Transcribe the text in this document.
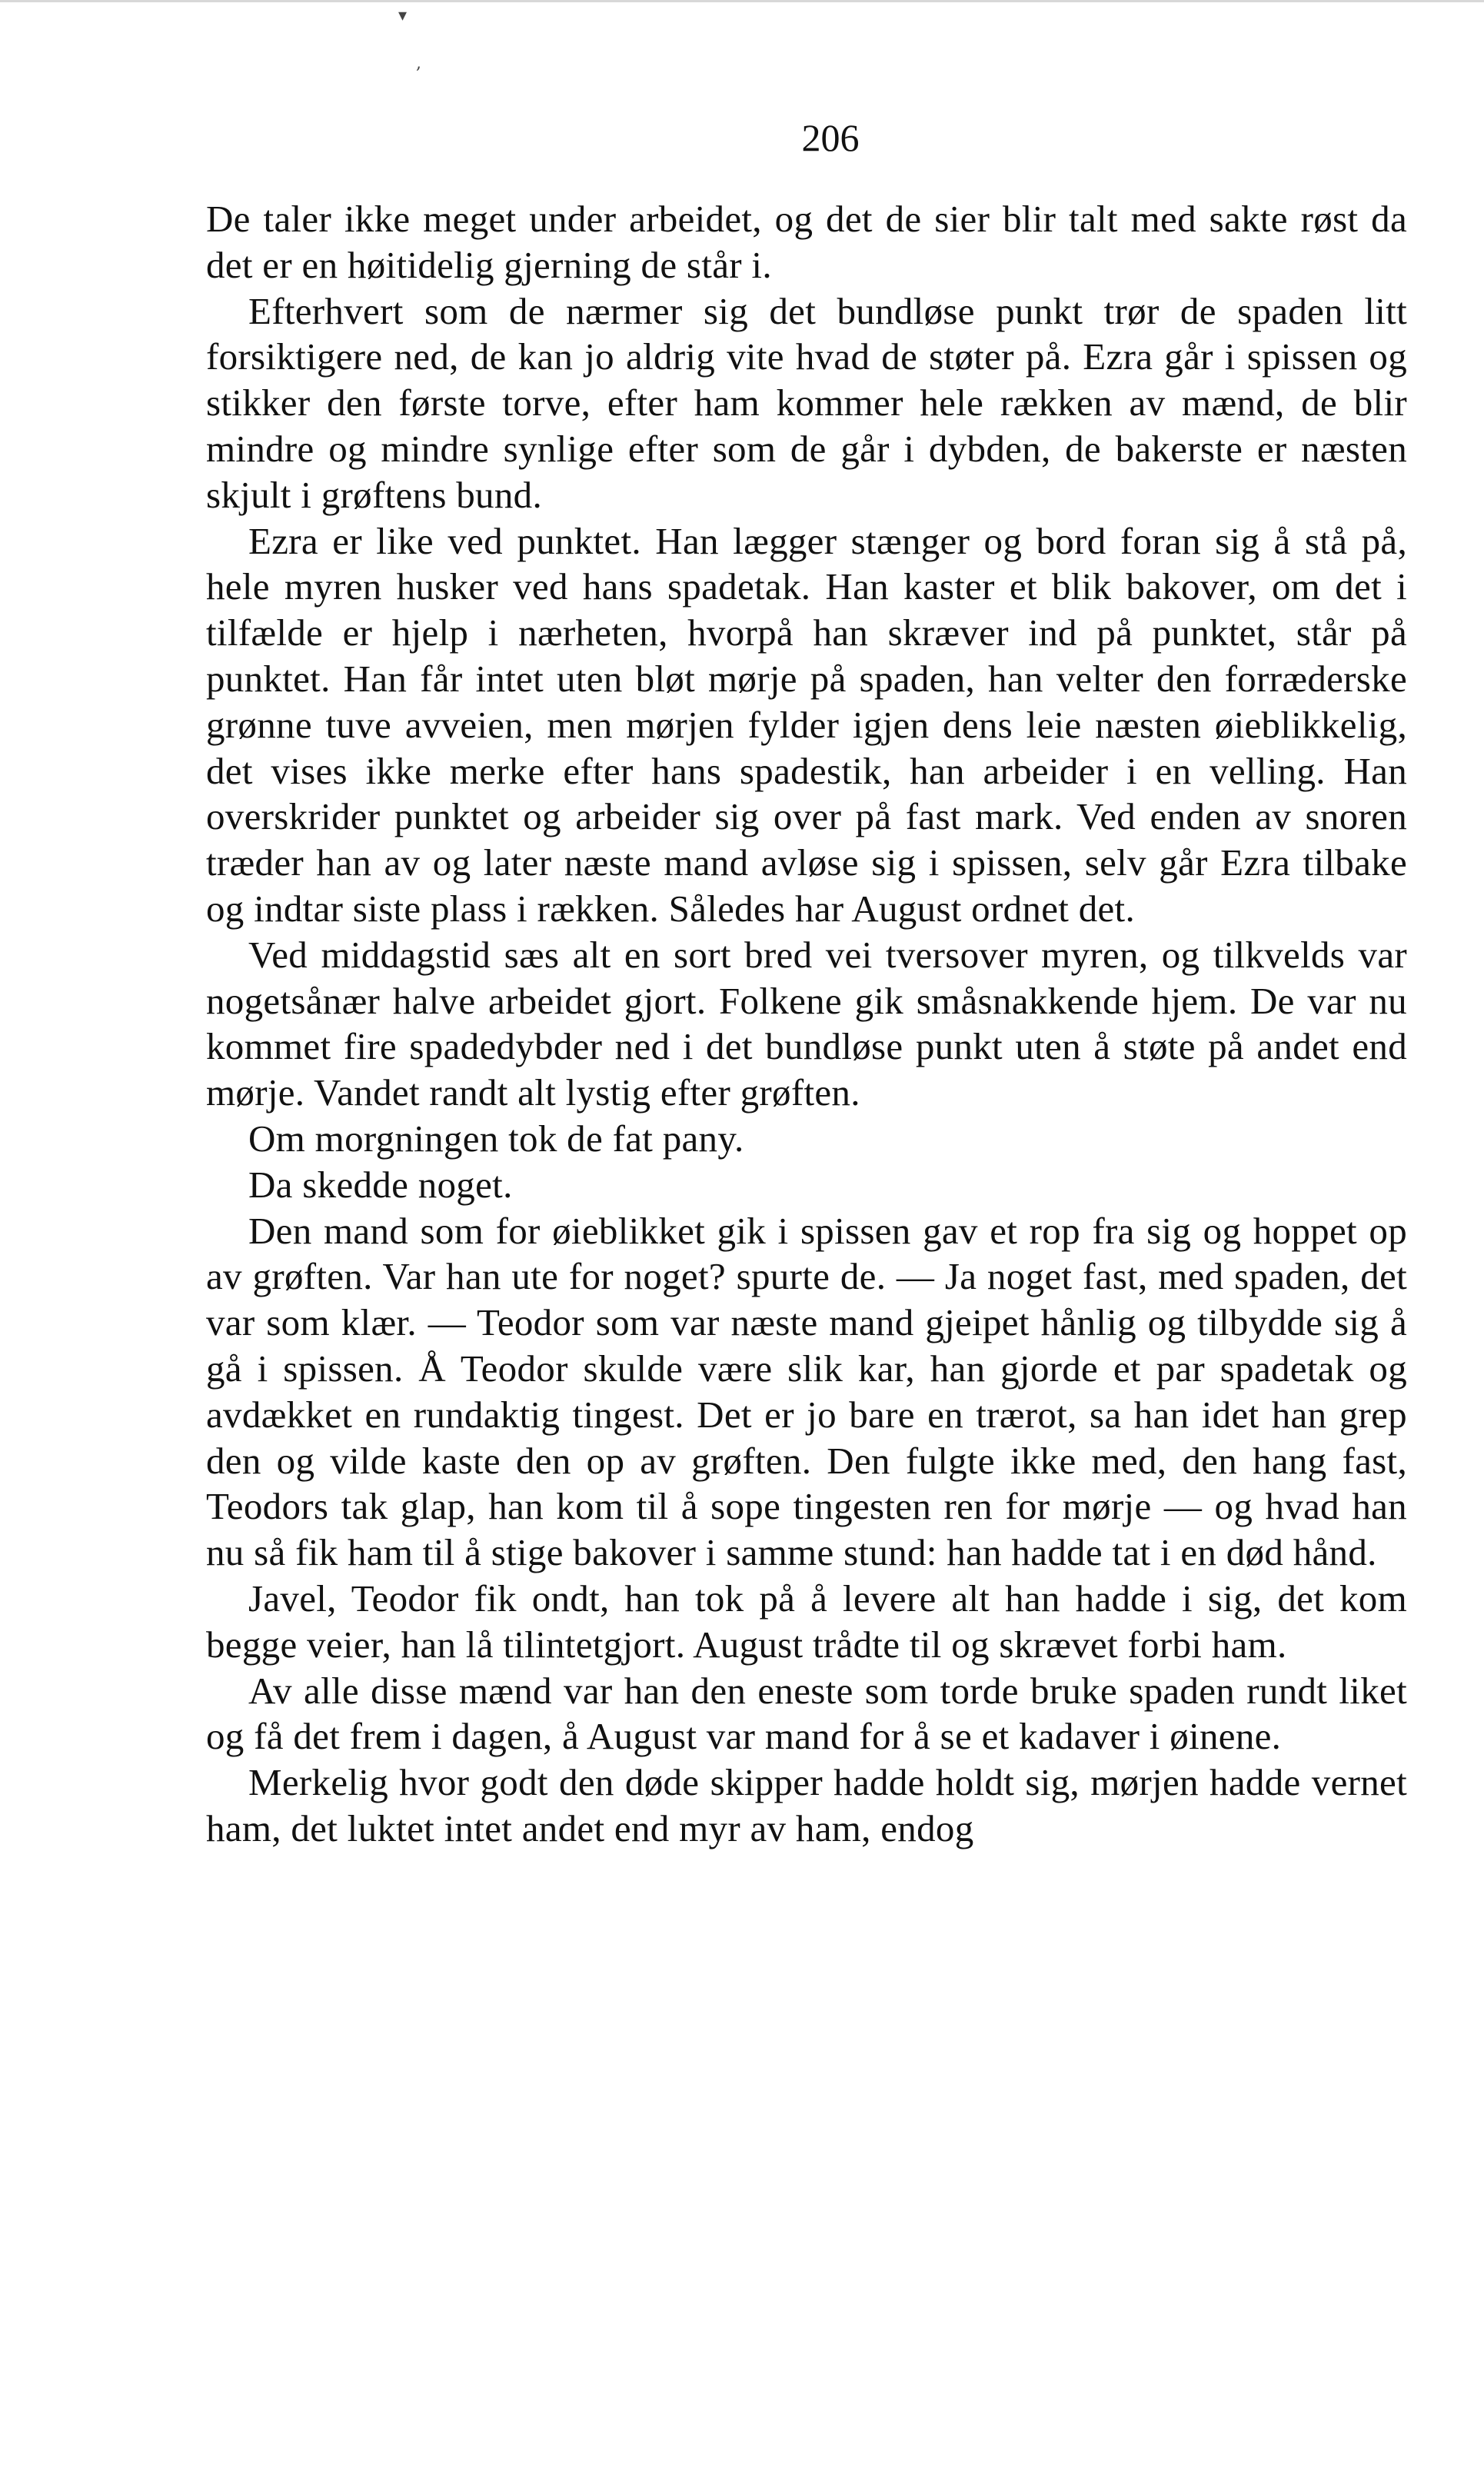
▾
,
206

De taler ikke meget under arbeidet, og det de sier blir talt med sakte røst da det er en høitidelig gjerning de står i.

Efterhvert som de nærmer sig det bundløse punkt trør de spaden litt forsiktigere ned, de kan jo aldrig vite hvad de støter på. Ezra går i spissen og stikker den første torve, efter ham kommer hele rækken av mænd, de blir mindre og mindre synlige efter som de går i dybden, de bakerste er næsten skjult i grøftens bund.

Ezra er like ved punktet. Han lægger stænger og bord foran sig å stå på, hele myren husker ved hans spadetak. Han kaster et blik bakover, om det i tilfælde er hjelp i nærheten, hvorpå han skræver ind på punktet, står på punktet. Han får intet uten bløt mørje på spaden, han velter den forræderske grønne tuve avveien, men mørjen fylder igjen dens leie næsten øieblikkelig, det vises ikke merke efter hans spadestik, han arbeider i en velling. Han overskrider punktet og arbeider sig over på fast mark. Ved enden av snoren træder han av og later næste mand avløse sig i spissen, selv går Ezra tilbake og indtar siste plass i rækken. Således har August ordnet det.

Ved middagstid sæs alt en sort bred vei tversover myren, og tilkvelds var nogetsånær halve arbeidet gjort. Folkene gik småsnakkende hjem. De var nu kommet fire spadedybder ned i det bundløse punkt uten å støte på andet end mørje. Vandet randt alt lystig efter grøften.

Om morgningen tok de fat pany.

Da skedde noget.

Den mand som for øieblikket gik i spissen gav et rop fra sig og hoppet op av grøften. Var han ute for noget? spurte de. — Ja noget fast, med spaden, det var som klær. — Teodor som var næste mand gjeipet hånlig og tilbydde sig å gå i spissen. Å Teodor skulde være slik kar, han gjorde et par spadetak og avdækket en rundaktig tingest. Det er jo bare en trærot, sa han idet han grep den og vilde kaste den op av grøften. Den fulgte ikke med, den hang fast, Teodors tak glap, han kom til å sope tingesten ren for mørje — og hvad han nu så fik ham til å stige bakover i samme stund: han hadde tat i en død hånd.

Javel, Teodor fik ondt, han tok på å levere alt han hadde i sig, det kom begge veier, han lå tilintetgjort. August trådte til og skrævet forbi ham.

Av alle disse mænd var han den eneste som torde bruke spaden rundt liket og få det frem i dagen, å August var mand for å se et kadaver i øinene.

Merkelig hvor godt den døde skipper hadde holdt sig, mørjen hadde vernet ham, det luktet intet andet end myr av ham, endog
